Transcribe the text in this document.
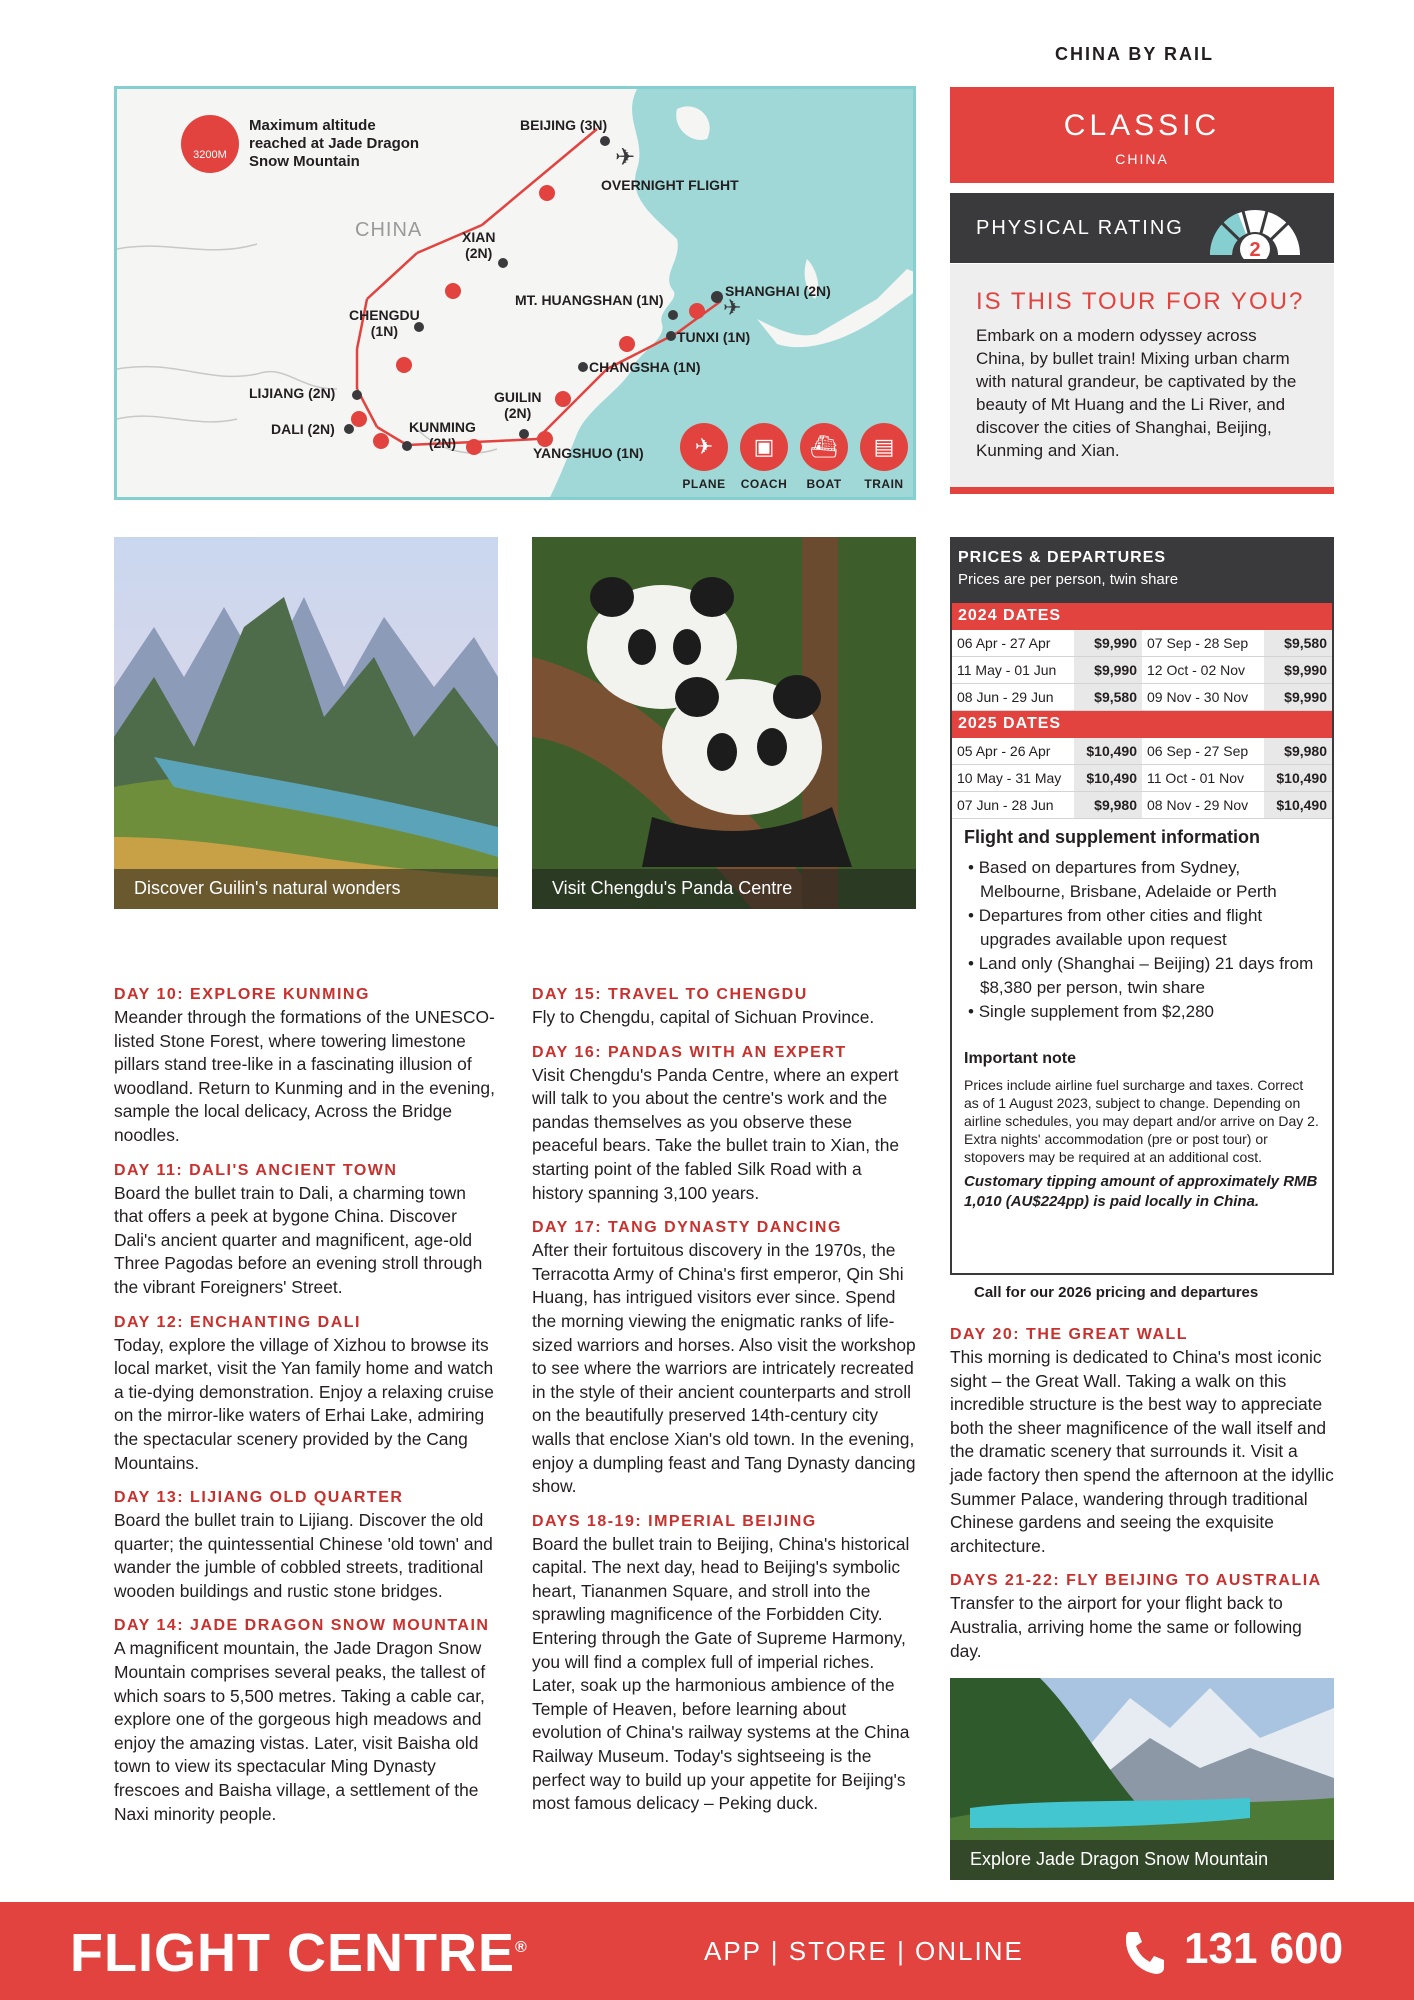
CHINA BY RAIL
✈
✈
3200M
Maximum altitude
reached at Jade Dragon
Snow Mountain
CHINA
BEIJING (3N)
OVERNIGHT FLIGHT
XIAN
(2N)
CHENGDU
(1N)
MT. HUANGSHAN (1N)
SHANGHAI (2N)
TUNXI (1N)
CHANGSHA (1N)
LIJIANG (2N)
DALI (2N)
GUILIN
(2N)
KUNMING
(2N)
YANGSHUO (1N)	✈
PLANE
▣
COACH
⛴
BOAT
▤
TRAIN
CLASSIC
CHINA
PHYSICAL RATING
2
IS THIS TOUR FOR YOU?

Embark on a modern odyssey across China, by bullet train! Mixing urban charm with natural grandeur, be captivated by the beauty of Mt Huang and the Li River, and discover the cities of Shanghai, Beijing, Kunming and Xian.

Discover Guilin's natural wonders	Visit Chengdu's Panda Centre
PRICES & DEPARTURES
Prices are per person, twin share
2024 DATES
06 Apr - 27 Apr	$9,990 07 Sep - 28 Sep	$9,580
11 May - 01 Jun	$9,990 12 Oct - 02 Nov	$9,990
08 Jun - 29 Jun	$9,580 09 Nov - 30 Nov	$9,990
2025 DATES
05 Apr - 26 Apr	$10,490 06 Sep - 27 Sep	$9,980
10 May - 31 May	$10,490 11 Oct - 01 Nov	$10,490
07 Jun - 28 Jun	$9,980 08 Nov - 29 Nov	$10,490
Flight and supplement information
• Based on departures from Sydney, Melbourne, Brisbane, Adelaide or Perth
• Departures from other cities and flight upgrades available upon request
• Land only (Shanghai – Beijing) 21 days from $8,380 per person, twin share
• Single supplement from $2,280
Important note

Prices include airline fuel surcharge and taxes. Correct as of 1 August 2023, subject to change. Depending on airline schedules, you may depart and/or arrive on Day 2. Extra nights' accommodation (pre or post tour) or stopovers may be required at an additional cost.

Customary tipping amount of approximately RMB 1,010 (AU$224pp) is paid locally in China.

Call for our 2026 pricing and departures
DAY 10: EXPLORE KUNMING

Meander through the formations of the UNESCO-listed Stone Forest, where towering limestone pillars stand tree-like in a fascinating illusion of woodland. Return to Kunming and in the evening, sample the local delicacy, Across the Bridge noodles.

DAY 11: DALI'S ANCIENT TOWN

Board the bullet train to Dali, a charming town that offers a peek at bygone China. Discover Dali's ancient quarter and magnificent, age-old Three Pagodas before an evening stroll through the vibrant Foreigners' Street.

DAY 12: ENCHANTING DALI

Today, explore the village of Xizhou to browse its local market, visit the Yan family home and watch a tie-dying demonstration. Enjoy a relaxing cruise on the mirror-like waters of Erhai Lake, admiring the spectacular scenery provided by the Cang Mountains.

DAY 13: LIJIANG OLD QUARTER

Board the bullet train to Lijiang. Discover the old quarter; the quintessential Chinese 'old town' and wander the jumble of cobbled streets, traditional wooden buildings and rustic stone bridges.

DAY 14: JADE DRAGON SNOW MOUNTAIN

A magnificent mountain, the Jade Dragon Snow Mountain comprises several peaks, the tallest of which soars to 5,500 metres. Taking a cable car, explore one of the gorgeous high meadows and enjoy the amazing vistas. Later, visit Baisha old town to view its spectacular Ming Dynasty frescoes and Baisha village, a settlement of the Naxi minority people.

DAY 15: TRAVEL TO CHENGDU

Fly to Chengdu, capital of Sichuan Province.

DAY 16: PANDAS WITH AN EXPERT

Visit Chengdu's Panda Centre, where an expert will talk to you about the centre's work and the pandas themselves as you observe these peaceful bears. Take the bullet train to Xian, the starting point of the fabled Silk Road with a history spanning 3,100 years.

DAY 17: TANG DYNASTY DANCING

After their fortuitous discovery in the 1970s, the Terracotta Army of China's first emperor, Qin Shi Huang, has intrigued visitors ever since. Spend the morning viewing the enigmatic ranks of life-sized warriors and horses. Also visit the workshop to see where the warriors are intricately recreated in the style of their ancient counterparts and stroll on the beautifully preserved 14th-century city walls that enclose Xian's old town. In the evening, enjoy a dumpling feast and Tang Dynasty dancing show.

DAYS 18-19: IMPERIAL BEIJING

Board the bullet train to Beijing, China's historical capital. The next day, head to Beijing's symbolic heart, Tiananmen Square, and stroll into the sprawling magnificence of the Forbidden City. Entering through the Gate of Supreme Harmony, you will find a complex full of imperial riches. Later, soak up the harmonious ambience of the Temple of Heaven, before learning about evolution of China's railway systems at the China Railway Museum. Today's sightseeing is the perfect way to build up your appetite for Beijing's most famous delicacy – Peking duck.

DAY 20: THE GREAT WALL

This morning is dedicated to China's most iconic sight – the Great Wall. Taking a walk on this incredible structure is the best way to appreciate both the sheer magnificence of the wall itself and the dramatic scenery that surrounds it. Visit a jade factory then spend the afternoon at the idyllic Summer Palace, wandering through traditional Chinese gardens and seeing the exquisite architecture.

DAYS 21-22: FLY BEIJING TO AUSTRALIA

Transfer to the airport for your flight back to Australia, arriving home the same or following day.

Explore Jade Dragon Snow Mountain
FLIGHT CENTRE®	APP | STORE | ONLINE	131 600
